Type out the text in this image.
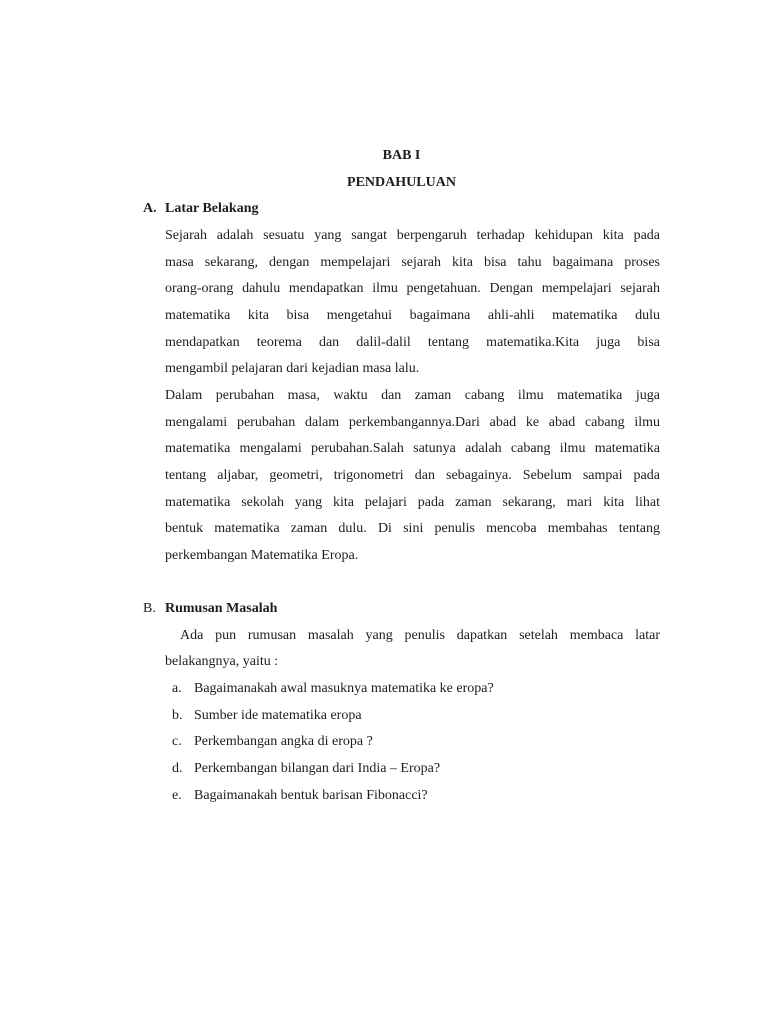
BAB I
PENDAHULUAN
A. Latar Belakang
Sejarah adalah sesuatu yang sangat berpengaruh terhadap kehidupan kita pada
masa sekarang, dengan mempelajari sejarah kita bisa tahu bagaimana proses
orang-orang dahulu mendapatkan ilmu pengetahuan. Dengan mempelajari sejarah
matematika kita bisa mengetahui bagaimana ahli-ahli matematika dulu
mendapatkan teorema dan dalil-dalil tentang matematika.Kita juga bisa
mengambil pelajaran dari kejadian masa lalu.
Dalam perubahan masa, waktu dan zaman cabang ilmu matematika juga
mengalami perubahan dalam perkembangannya.Dari abad ke abad cabang ilmu
matematika mengalami perubahan.Salah satunya adalah cabang ilmu matematika
tentang aljabar, geometri, trigonometri dan sebagainya. Sebelum sampai pada
matematika sekolah yang kita pelajari pada zaman sekarang, mari kita lihat
bentuk matematika zaman dulu. Di sini penulis mencoba membahas tentang
perkembangan Matematika Eropa.
B. Rumusan Masalah
Ada pun rumusan masalah yang penulis dapatkan setelah membaca latar
belakangnya, yaitu :
a. Bagaimanakah awal masuknya matematika ke eropa?
b. Sumber ide matematika eropa
c. Perkembangan angka di eropa ?
d. Perkembangan bilangan dari India – Eropa?
e. Bagaimanakah bentuk barisan Fibonacci?
